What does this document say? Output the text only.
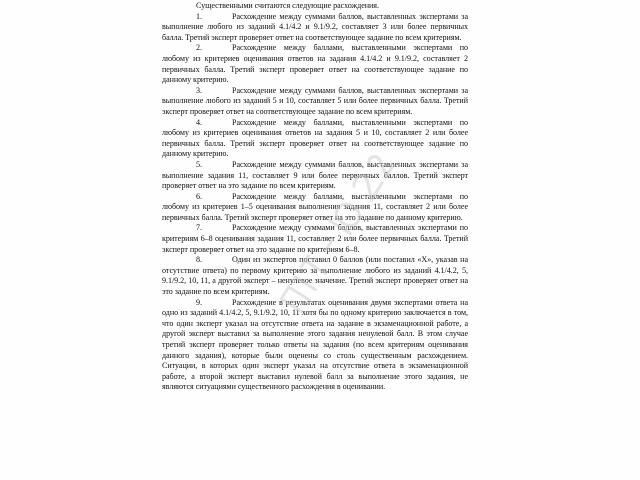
Существенными считаются следующие расхождения.

1.	Расхождение между суммами баллов, выставленных экспертами за выполнение любого из заданий 4.1/4.2 и 9.1/9.2, составляет 3 или более первичных балла. Третий эксперт проверяет ответ на соответствующее задание по всем критериям.

2.	Расхождение между баллами, выставленными экспертами по любому из критериев оценивания ответов на задания 4.1/4.2 и 9.1/9.2, составляет 2 первичных балла. Третий эксперт проверяет ответ на соответствующее задание по данному критерию.

3.	Расхождение между суммами баллов, выставленных экспертами за выполнение любого из заданий 5 и 10, составляет 5 или более первичных балла. Третий эксперт проверяет ответ на соответствующее задание по всем критериям.

4.	Расхождение между баллами, выставленными экспертами по любому из критериев оценивания ответов на задания 5 и 10, составляет 2 или более первичных балла. Третий эксперт проверяет ответ на соответствующее задание по данному критерию.

5.	Расхождение между суммами баллов, выставленных экспертами за выполнение задания 11, составляет 9 или более первичных баллов. Третий эксперт проверяет ответ на это задание по всем критериям.

6.	Расхождение между баллами, выставленными экспертами по любому из критериев 1–5 оценивания выполнения задания 11, составляет 2 или более первичных балла. Третий эксперт проверяет ответ на это задание по данному критерию.

7.	Расхождение между суммами баллов, выставленных экспертами по критериям 6–8 оценивания задания 11, составляет 2 или более первичных балла. Третий эксперт проверяет ответ на это задание по критериям 6–8.

8.	Один из экспертов поставил 0 баллов (или поставил «Х», указав на отсутствие ответа) по первому критерию за выполнение любого из заданий 4.1/4.2, 5, 9.1/9.2, 10, 11, а другой эксперт – ненулевое значение. Третий эксперт проверяет ответ на это задание по всем критериям.

9.	Расхождение в результатах оценивания двумя экспертами ответа на одно из заданий 4.1/4.2, 5, 9.1/9.2, 10, 11 хотя бы по одному критерию заключается в том, что один эксперт указал на отсутствие ответа на задание в экзаменационной работе, а другой эксперт выставил за выполнение этого задания ненулевой балл. В этом случае третий эксперт проверяет только ответы на задания (по всем критериям оценивания данного задания), которые были оценены со столь существенным расхождением. Ситуации, в которых один эксперт указал на отсутствие ответа в экзаменационной работе, а второй эксперт выставил нулевой балл за выполнение этого задания, не являются ситуациями существенного расхождения в оценивании.
